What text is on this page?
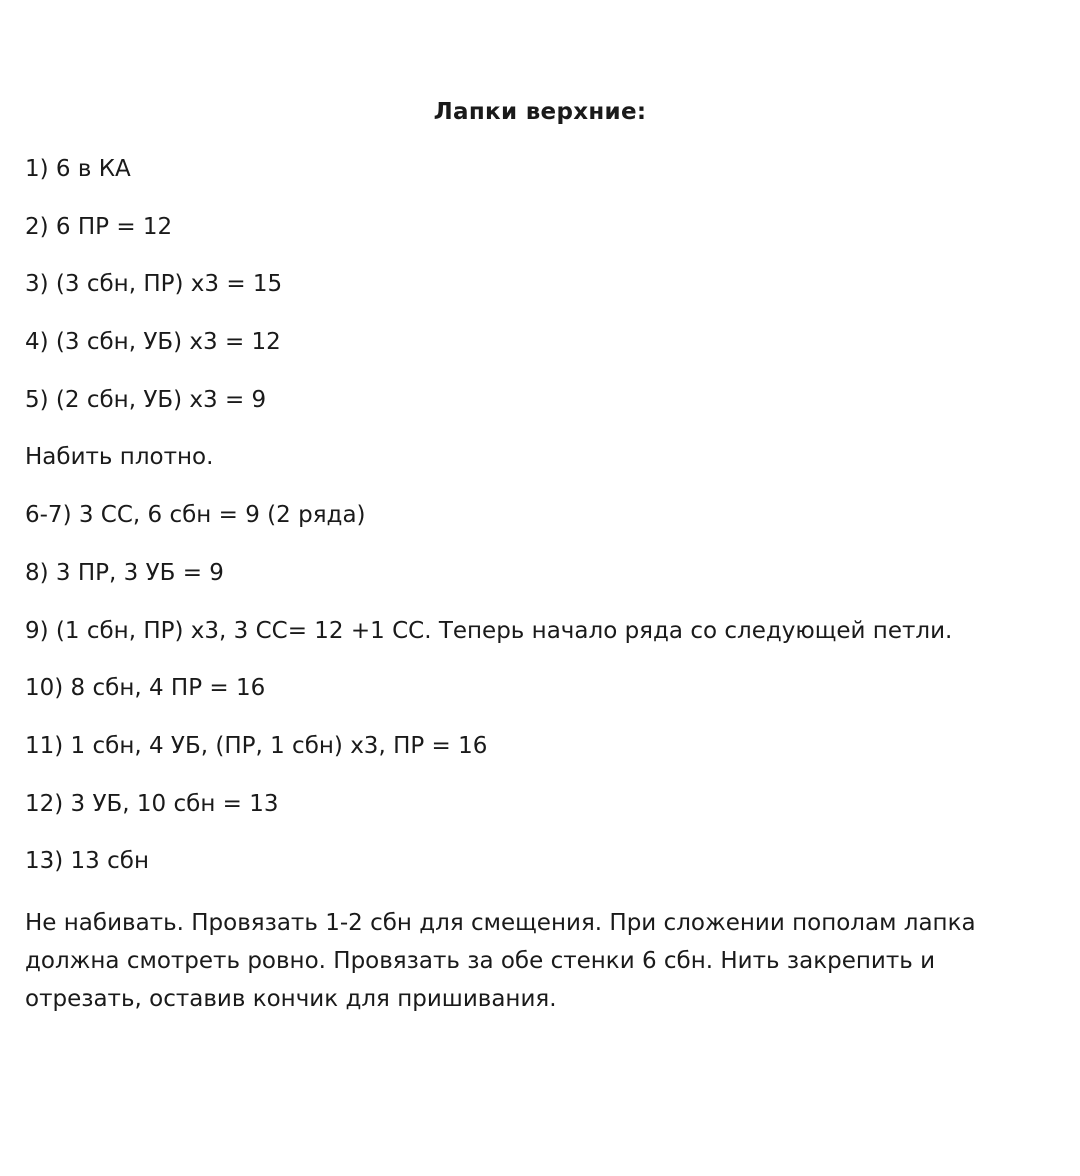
Лапки верхние:
1) 6 в КА
2) 6 ПР = 12
3) (3 сбн, ПР) x3 = 15
4) (3 сбн, УБ) x3 = 12
5) (2 сбн, УБ) x3 = 9
Набить плотно.
6-7) 3 СС, 6 сбн = 9 (2 ряда)
8) 3 ПР, 3 УБ = 9
9) (1 сбн, ПР) x3, 3 СС= 12 +1 СС. Теперь начало ряда со следующей петли.
10) 8 сбн, 4 ПР = 16
11) 1 сбн, 4 УБ, (ПР, 1 сбн) x3, ПР = 16
12) 3 УБ, 10 сбн = 13
13) 13 сбн
Не набивать. Провязать 1-2 сбн для смещения. При сложении пополам лапка должна смотреть ровно. Провязать за обе стенки 6 сбн. Нить закрепить и отрезать, оставив кончик для пришивания.
